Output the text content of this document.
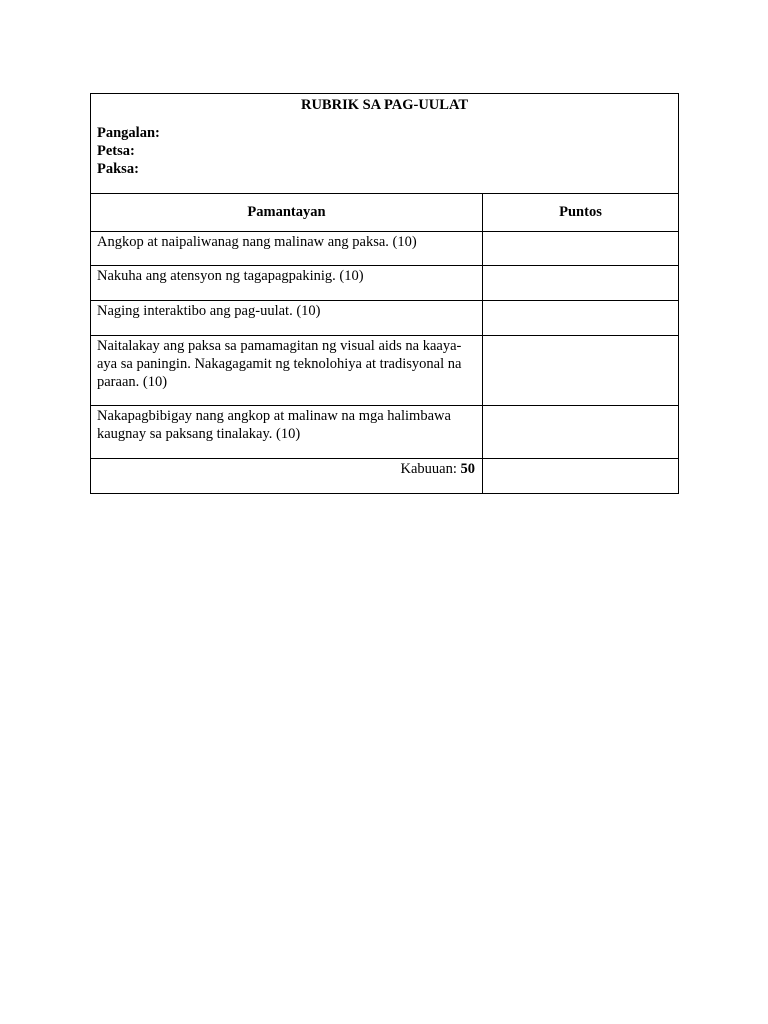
RUBRIK SA PAG-UULAT
Pangalan:
Petsa:
Paksa:	

Pamantayan	Puntos
Angkop at naipaliwanag nang malinaw ang paksa. (10)	
Nakuha ang atensyon ng tagapagpakinig. (10)	
Naging interaktibo ang pag-uulat. (10)	
Naitalakay ang paksa sa pamamagitan ng visual aids na kaaya-aya sa paningin. Nakagagamit ng teknolohiya at tradisyonal na paraan. (10)	
Nakapagbibigay nang angkop at malinaw na mga halimbawa kaugnay sa paksang tinalakay. (10)	
Kabuuan: 50	
